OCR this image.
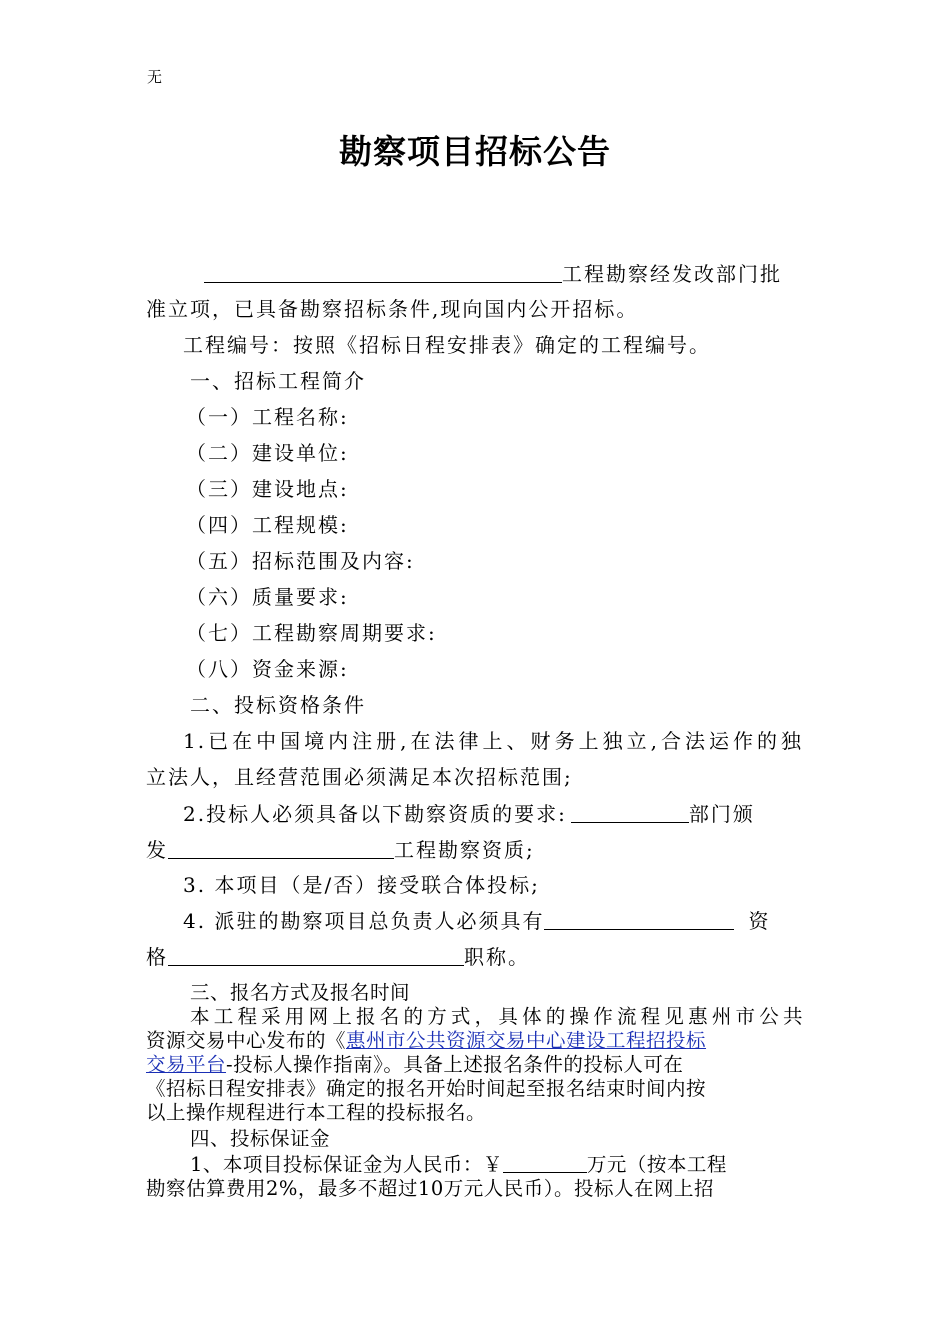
无
勘察项目招标公告
工程勘察经发改部门批
准立项，已具备勘察招标条件,现向国内公开招标。
工程编号：按照《招标日程安排表》确定的工程编号。
一、招标工程简介
（一）工程名称:
（二）建设单位:
（三）建设地点:
（四）工程规模:
（五）招标范围及内容:
（六）质量要求:
（七）工程勘察周期要求:
（八）资金来源:
二、投标资格条件
1.已在中国境内注册,在法律上、财务上独立,合法运作的独
立法人，且经营范围必须满足本次招标范围;
2.投标人必须具备以下勘察资质的要求:	部门颁
发	工程勘察资质;
3. 本项目（是/否）接受联合体投标;
4. 派驻的勘察项目总负责人必须具有	资
格	职称。
三、报名方式及报名时间
本工程采用网上报名的方式，具体的操作流程见惠州市公共
资源交易中心发布的《惠州市公共资源交易中心建设工程招投标
交易平台-投标人操作指南》。具备上述报名条件的投标人可在
《招标日程安排表》确定的报名开始时间起至报名结束时间内按
以上操作规程进行本工程的投标报名。
四、投标保证金
1、本项目投标保证金为人民币：￥	万元（按本工程
勘察估算费用2%，最多不超过10万元人民币）。投标人在网上招
